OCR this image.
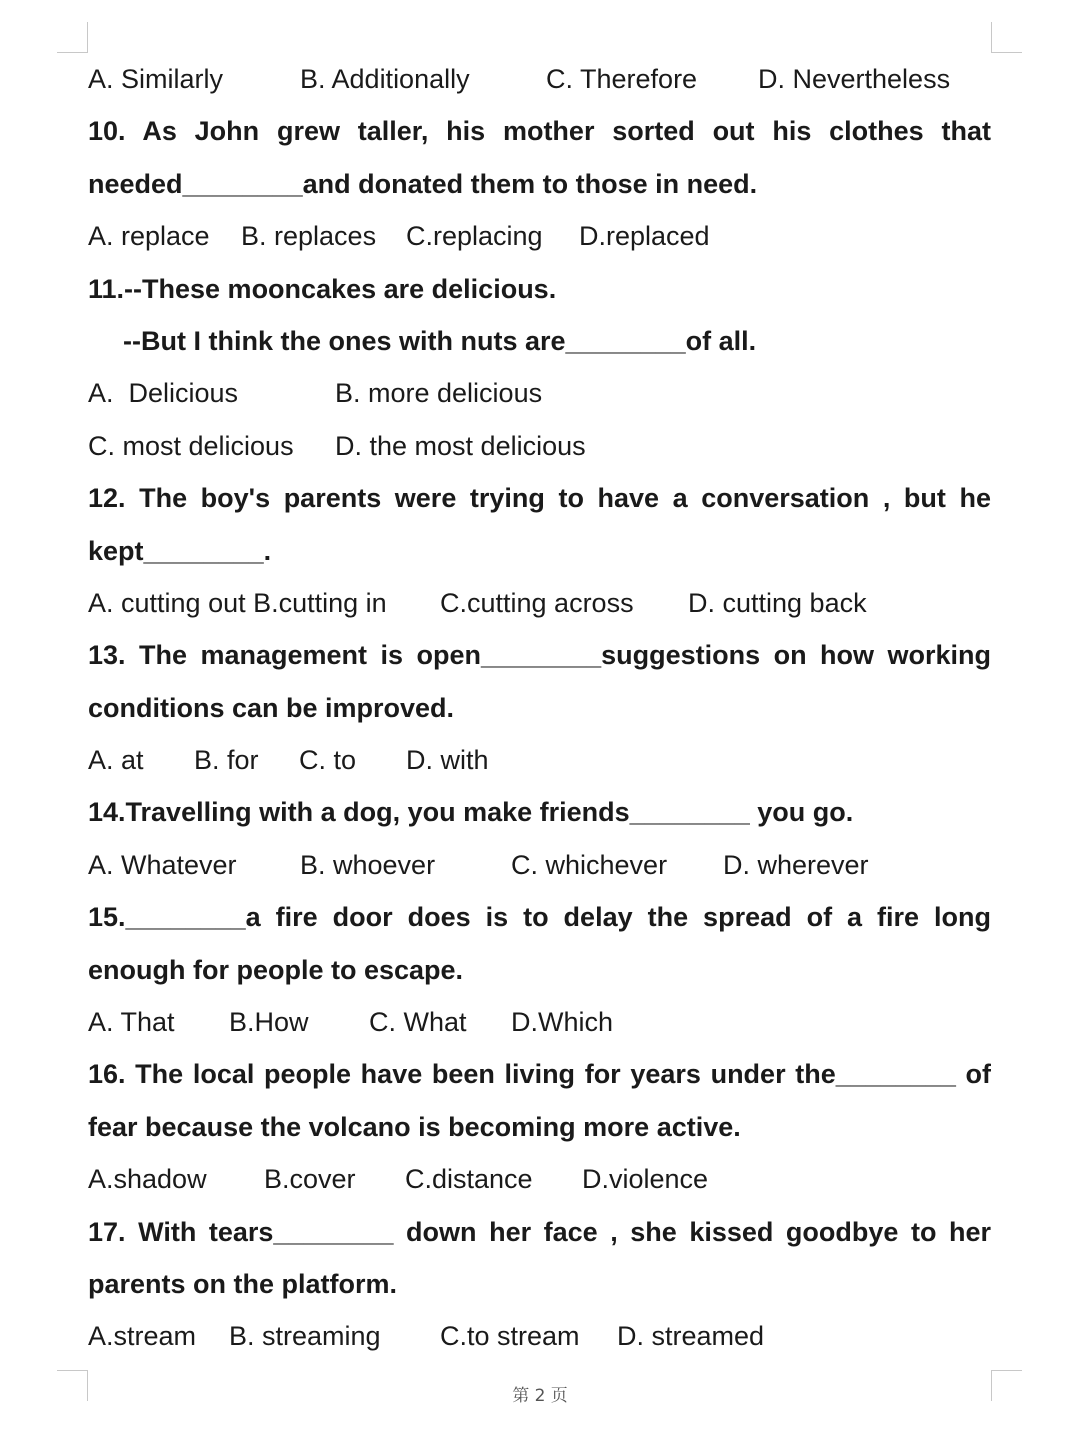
A. Similarly	B. Additionally	C. Therefore	D. Nevertheless
10. As John grew taller, his mother sorted out his clothes that
needed________and donated them to those in need.
A. replace	B. replaces	C.replacing	D.replaced
11.--These mooncakes are delicious.
--But I think the ones with nuts are________of all.
A.  Delicious	B. more delicious
C. most delicious	D. the most delicious
12. The boy's parents were trying to have a conversation , but he
kept________.
A. cutting out B.cutting in	C.cutting across	D. cutting back
13. The management is open________suggestions on how working
conditions can be improved.
A. at	B. for	C. to	D. with
14.Travelling with a dog, you make friends________ you go.
A. Whatever	B. whoever	C. whichever	D. wherever
15.________a fire door does is to delay the spread of a fire long
enough for people to escape.
A. That	B.How	C. What	D.Which
16. The local people have been living for years under the________ of
fear because the volcano is becoming more active.
A.shadow	B.cover	C.distance	D.violence
17. With tears________ down her face , she kissed goodbye to her
parents on the platform.
A.stream	B. streaming	C.to stream	D. streamed
第 2 页
